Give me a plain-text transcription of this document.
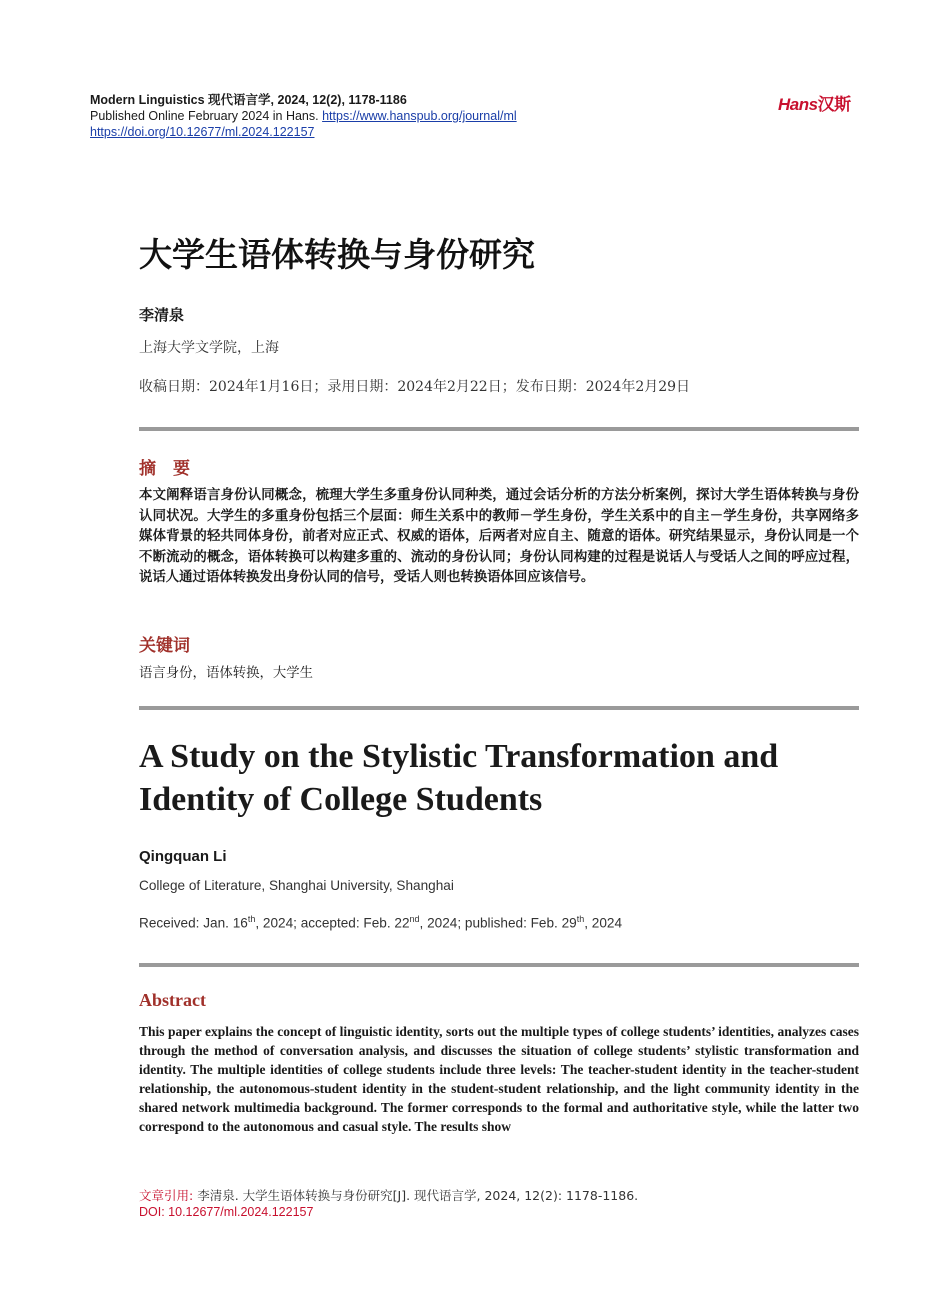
Modern Linguistics 现代语言学, 2024, 12(2), 1178-1186
Published Online February 2024 in Hans. https://www.hanspub.org/journal/ml
https://doi.org/10.12677/ml.2024.122157
Hans汉斯
大学生语体转换与身份研究
李清泉
上海大学文学院，上海
收稿日期：2024年1月16日；录用日期：2024年2月22日；发布日期：2024年2月29日
摘　要
本文阐释语言身份认同概念，梳理大学生多重身份认同种类，通过会话分析的方法分析案例，探讨大学生语体转换与身份认同状况。大学生的多重身份包括三个层面：师生关系中的教师－学生身份，学生关系中的自主－学生身份，共享网络多媒体背景的轻共同体身份，前者对应正式、权威的语体，后两者对应自主、随意的语体。研究结果显示，身份认同是一个不断流动的概念，语体转换可以构建多重的、流动的身份认同；身份认同构建的过程是说话人与受话人之间的呼应过程，说话人通过语体转换发出身份认同的信号，受话人则也转换语体回应该信号。
关键词
语言身份，语体转换，大学生
A Study on the Stylistic Transformation and Identity of College Students
Qingquan Li
College of Literature, Shanghai University, Shanghai
Received: Jan. 16th, 2024; accepted: Feb. 22nd, 2024; published: Feb. 29th, 2024
Abstract
This paper explains the concept of linguistic identity, sorts out the multiple types of college students’ identities, analyzes cases through the method of conversation analysis, and discusses the situation of college students’ stylistic transformation and identity. The multiple identities of college students include three levels: The teacher-student identity in the teacher-student relationship, the autonomous-student identity in the student-student relationship, and the light community identity in the shared network multimedia background. The former corresponds to the formal and authoritative style, while the latter two correspond to the autonomous and casual style. The results show
文章引用: 李清泉. 大学生语体转换与身份研究[J]. 现代语言学, 2024, 12(2): 1178-1186.
DOI: 10.12677/ml.2024.122157
